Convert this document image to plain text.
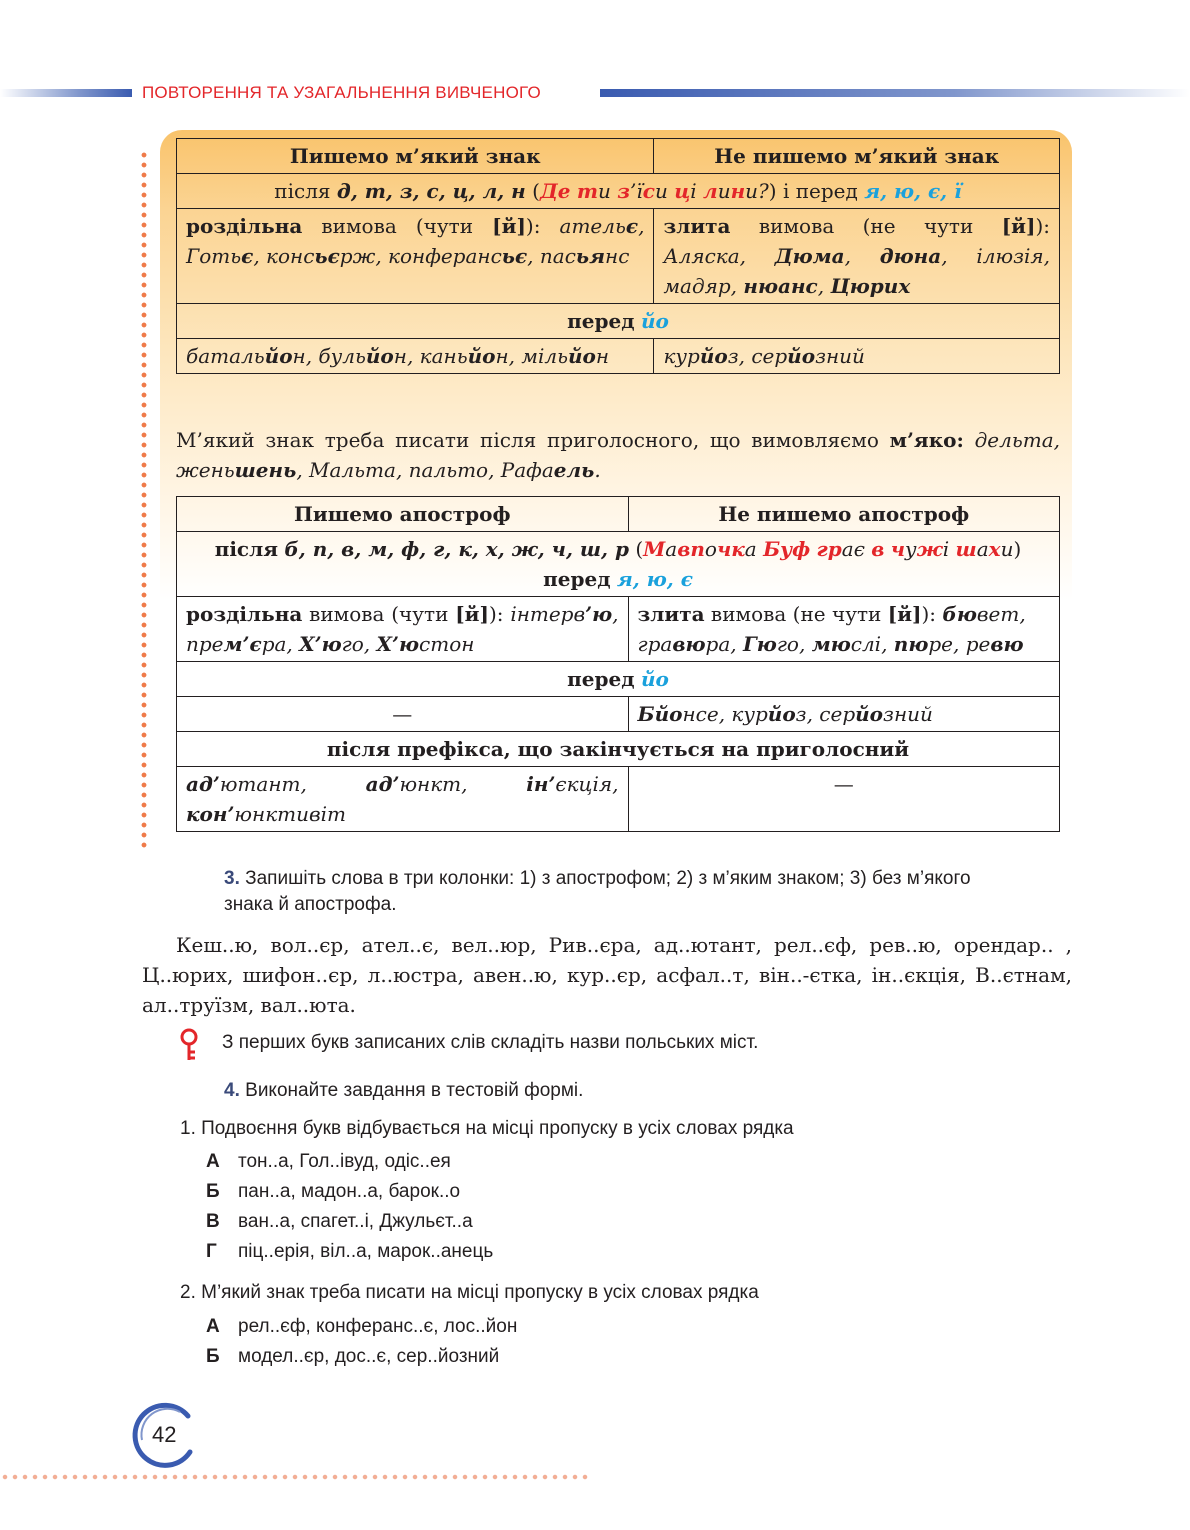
ПОВТОРЕННЯ ТА УЗАГАЛЬНЕННЯ ВИВЧЕНОГО
Пишемо м’який знак	Не пишемо м’який знак
після д, т, з, с, ц, л, н (Де ти з’їси ці лини?) і перед я, ю, є, ї	
роздільна вимова (чути [й]): ательє, Готьє, консьєрж, конферансьє, пасьянс	злита вимова (не чути [й]): Аляска, Дюма, дюна, ілюзія, мадяр, нюанс, Цюрих
перед йо	
батальйон, бульйон, каньйон, мільйон	курйоз, серйозний
М’який знак треба писати після приголосного, що вимовляємо м’яко: дельта, женьшень, Мальта, пальто, Рафаель.
Пишемо апостроф	Не пишемо апостроф
після б, п, в, м, ф, г, к, х, ж, ч, ш, р (Мавпочка Буф грає в чужі шахи) перед я, ю, є	
роздільна вимова (чути [й]): інтерв’ю, прем’єра, Х’юго, Х’юстон	злита вимова (не чути [й]): бювет, гравюра, Гюго, мюслі, пюре, ревю
перед йо	
—	Бйонсе, курйоз, серйозний
після префікса, що закінчується на приголосний	
ад’ютант, ад’юнкт, ін’єкція, кон’юнктивіт	—
3. Запишіть слова в три колонки: 1) з апострофом; 2) з м’яким знаком; 3) без м’якого знака й апострофа.
Кеш..ю, вол..єр, ател..є, вел..юр, Рив..єра, ад..ютант, рел..єф, рев..ю, орендар.. , Ц..юрих, шифон..єр, л..юстра, авен..ю, кур..єр, асфал..т, він..-єтка, ін..єкція, В..єтнам, ал..труїзм, вал..юта.
З перших букв записаних слів складіть назви польських міст.
4. Виконайте завдання в тестовій формі.
1. Подвоєння букв відбувається на місці пропуску в усіх словах рядка
А тон..а, Гол..івуд, одіс..ея
Б пан..а, мадон..а, барок..о
В ван..а, спагет..і, Джульєт..а
Г піц..ерія, віл..а, марок..анець
2. М’який знак треба писати на місці пропуску в усіх словах рядка
А рел..єф, конферанс..є, лос..йон
Б модел..єр, дос..є, сер..йозний
42
